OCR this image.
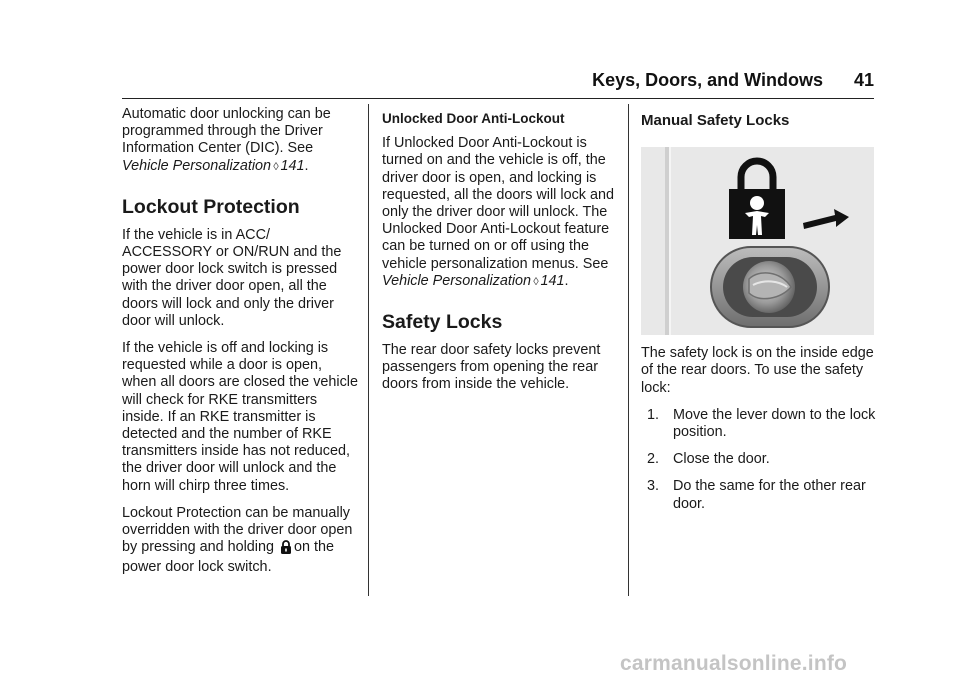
Keys, Doors, and Windows 41

Automatic door unlocking can be programmed through the Driver Information Center (DIC). See Vehicle Personalization ◊ 141.

Lockout Protection

If the vehicle is in ACC/ ACCESSORY or ON/RUN and the power door lock switch is pressed with the driver door open, all the doors will lock and only the driver door will unlock.

If the vehicle is off and locking is requested while a door is open, when all doors are closed the vehicle will check for RKE transmitters inside. If an RKE transmitter is detected and the number of RKE transmitters inside has not reduced, the driver door will unlock and the horn will chirp three times.

Lockout Protection can be manually overridden with the driver door open by pressing and holding on the power door lock switch.

Unlocked Door Anti-Lockout

If Unlocked Door Anti-Lockout is turned on and the vehicle is off, the driver door is open, and locking is requested, all the doors will lock and only the driver door will unlock. The Unlocked Door Anti-Lockout feature can be turned on or off using the vehicle personalization menus. See Vehicle Personalization ◊ 141.

Safety Locks

The rear door safety locks prevent passengers from opening the rear doors from inside the vehicle.

Manual Safety Locks

The safety lock is on the inside edge of the rear doors. To use the safety lock:

1. Move the lever down to the lock position.
2. Close the door.
3. Do the same for the other rear door.
carmanualsonline.info
